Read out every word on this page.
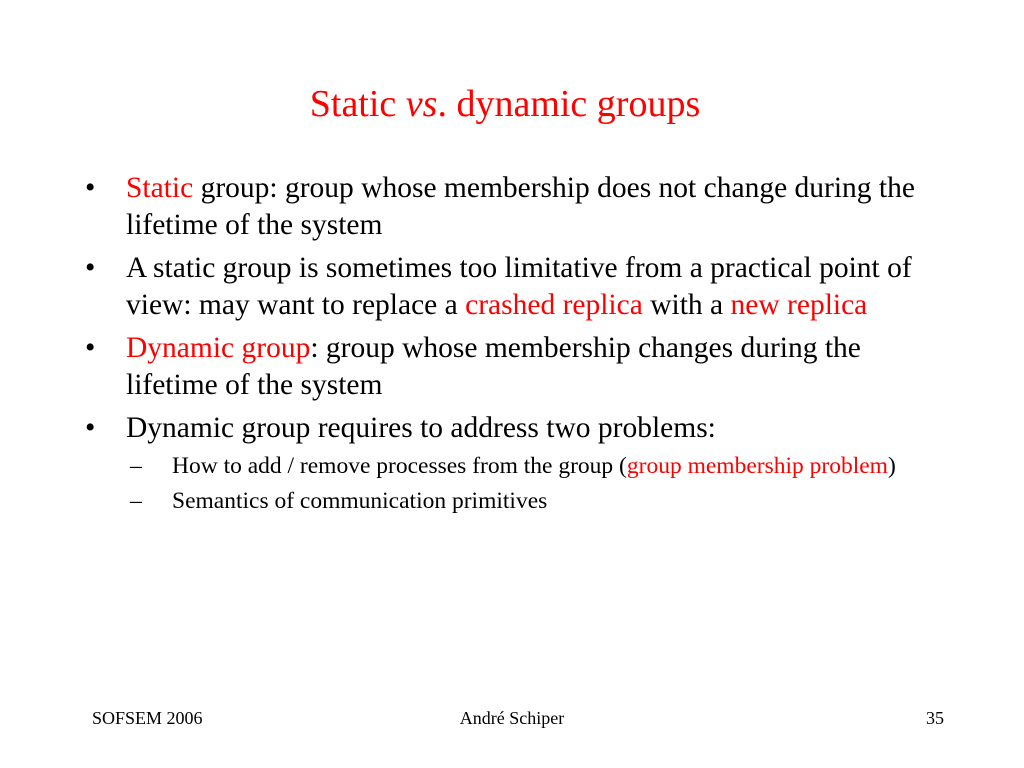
Static vs. dynamic groups
•	Static group: group whose membership does not change during the lifetime of the system
•	A static group is sometimes too limitative from a practical point of view: may want to replace a crashed replica with a new replica
•	Dynamic group: group whose membership changes during the lifetime of the system
•	Dynamic group requires to address two problems:
–	How to add / remove processes from the group (group membership problem)
–	Semantics of communication primitives
André Schiper
SOFSEM 2006	35
